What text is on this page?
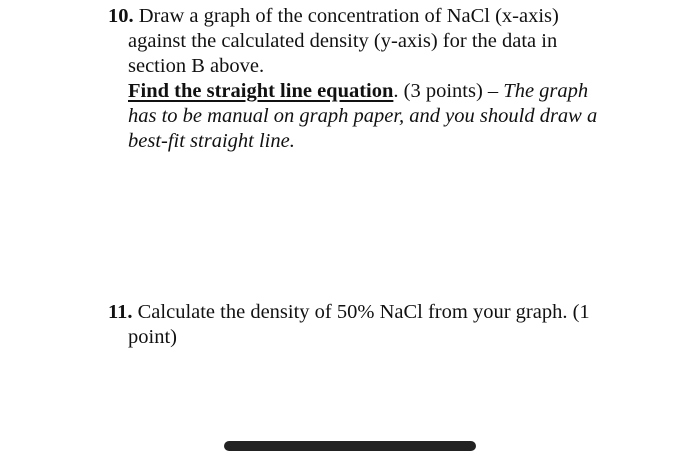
10. Draw a graph of the concentration of NaCl (x-axis)
against the calculated density (y-axis) for the data in
section B above.
Find the straight line equation. (3 points) – The graph
has to be manual on graph paper, and you should draw a
best-fit straight line.
11. Calculate the density of 50% NaCl from your graph. (1
point)
